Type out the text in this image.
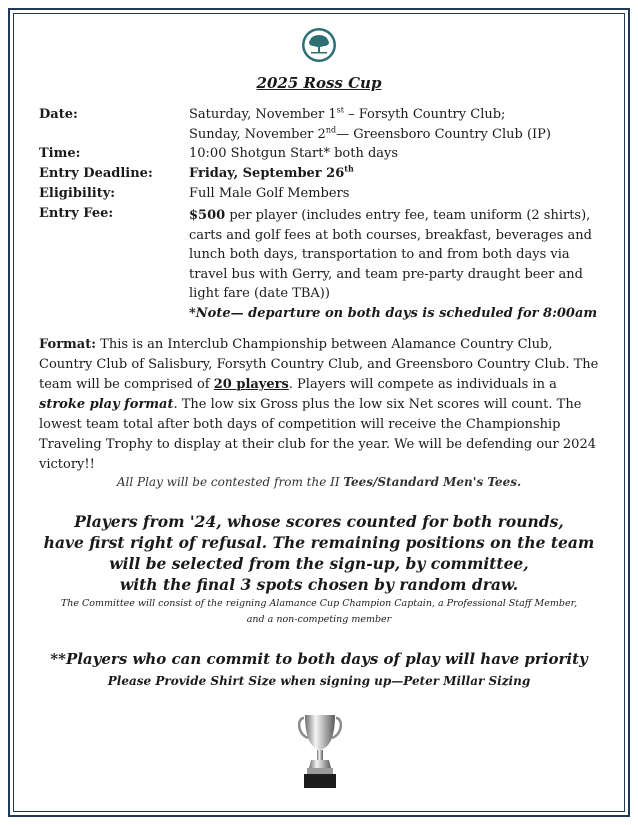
2025 Ross Cup
Date:	Saturday, November 1st – Forsyth Country Club;
Sunday, November 2nd— Greensboro Country Club (IP)
Time:	10:00 Shotgun Start* both days
Entry Deadline:	Friday, September 26th
Eligibility:	Full Male Golf Members
Entry Fee:	$500 per player (includes entry fee, team uniform (2 shirts),
carts and golf fees at both courses, breakfast, beverages and
lunch both days, transportation to and from both days via
travel bus with Gerry, and team pre-party draught beer and
light fare (date TBA))
*Note— departure on both days is scheduled for 8:00am
Format: This is an Interclub Championship between Alamance Country Club, Country Club of Salisbury, Forsyth Country Club, and Greensboro Country Club. The team will be comprised of 20 players. Players will compete as individuals in a stroke play format. The low six Gross plus the low six Net scores will count. The lowest team total after both days of competition will receive the Championship Traveling Trophy to display at their club for the year. We will be defending our 2024 victory!!
All Play will be contested from the II Tees/Standard Men's Tees.
Players from '24, whose scores counted for both rounds,
have first right of refusal. The remaining positions on the team
will be selected from the sign-up, by committee,
with the final 3 spots chosen by random draw.
The Committee will consist of the reigning Alamance Cup Champion Captain, a Professional Staff Member,
and a non-competing member
**Players who can commit to both days of play will have priority
Please Provide Shirt Size when signing up—Peter Millar Sizing
